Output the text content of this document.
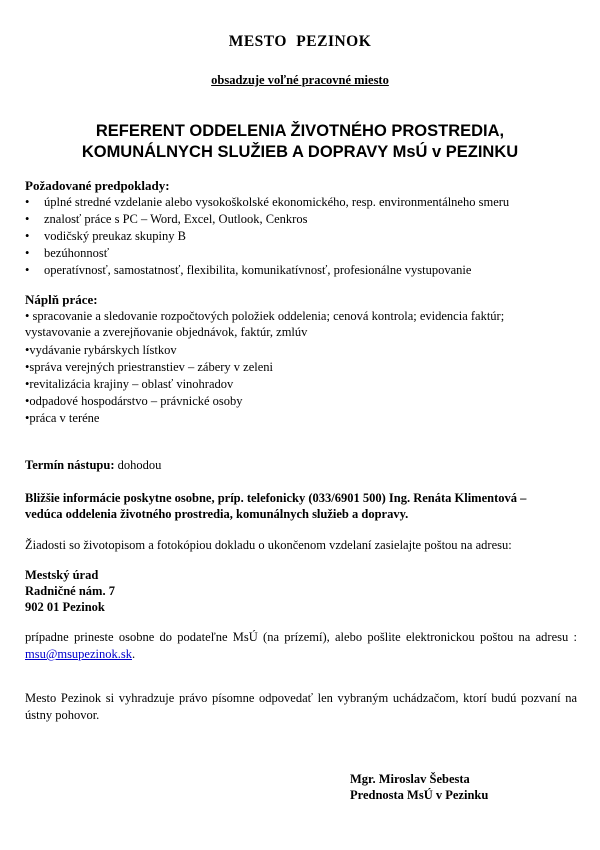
MESTO PEZINOK
obsadzuje voľné pracovné miesto
REFERENT ODDELENIA ŽIVOTNÉHO PROSTREDIA,
KOMUNÁLNYCH SLUŽIEB A DOPRAVY MsÚ v PEZINKU
Požadované predpoklady:
• úplné stredné vzdelanie alebo vysokoškolské ekonomického, resp. environmentálneho smeru
• znalosť práce s PC – Word, Excel, Outlook, Cenkros
• vodičský preukaz skupiny B
• bezúhonnosť
• operatívnosť, samostatnosť, flexibilita, komunikatívnosť, profesionálne vystupovanie
Náplň práce:
• spracovanie a sledovanie rozpočtových položiek oddelenia; cenová kontrola; evidencia faktúr;
vystavovanie a zverejňovanie objednávok, faktúr, zmlúv
•vydávanie rybárskych lístkov
•správa verejných priestranstiev – zábery v zeleni
•revitalizácia krajiny – oblasť vinohradov
•odpadové hospodárstvo – právnické osoby
•práca v teréne
Termín nástupu: dohodou
Bližšie informácie poskytne osobne, príp. telefonicky (033/6901 500) Ing. Renáta Klimentová –
vedúca oddelenia životného prostredia, komunálnych služieb a dopravy.
Žiadosti so životopisom a fotokópiou dokladu o ukončenom vzdelaní zasielajte poštou na adresu:
Mestský úrad
Radničné nám. 7
902 01 Pezinok
prípadne prineste osobne do podateľne MsÚ (na prízemí), alebo pošlite elektronickou poštou na adresu : msu@msupezinok.sk.
Mesto Pezinok si vyhradzuje právo písomne odpovedať len vybraným uchádzačom, ktorí budú pozvaní na ústny pohovor.
Mgr. Miroslav Šebesta
Prednosta MsÚ v Pezinku
